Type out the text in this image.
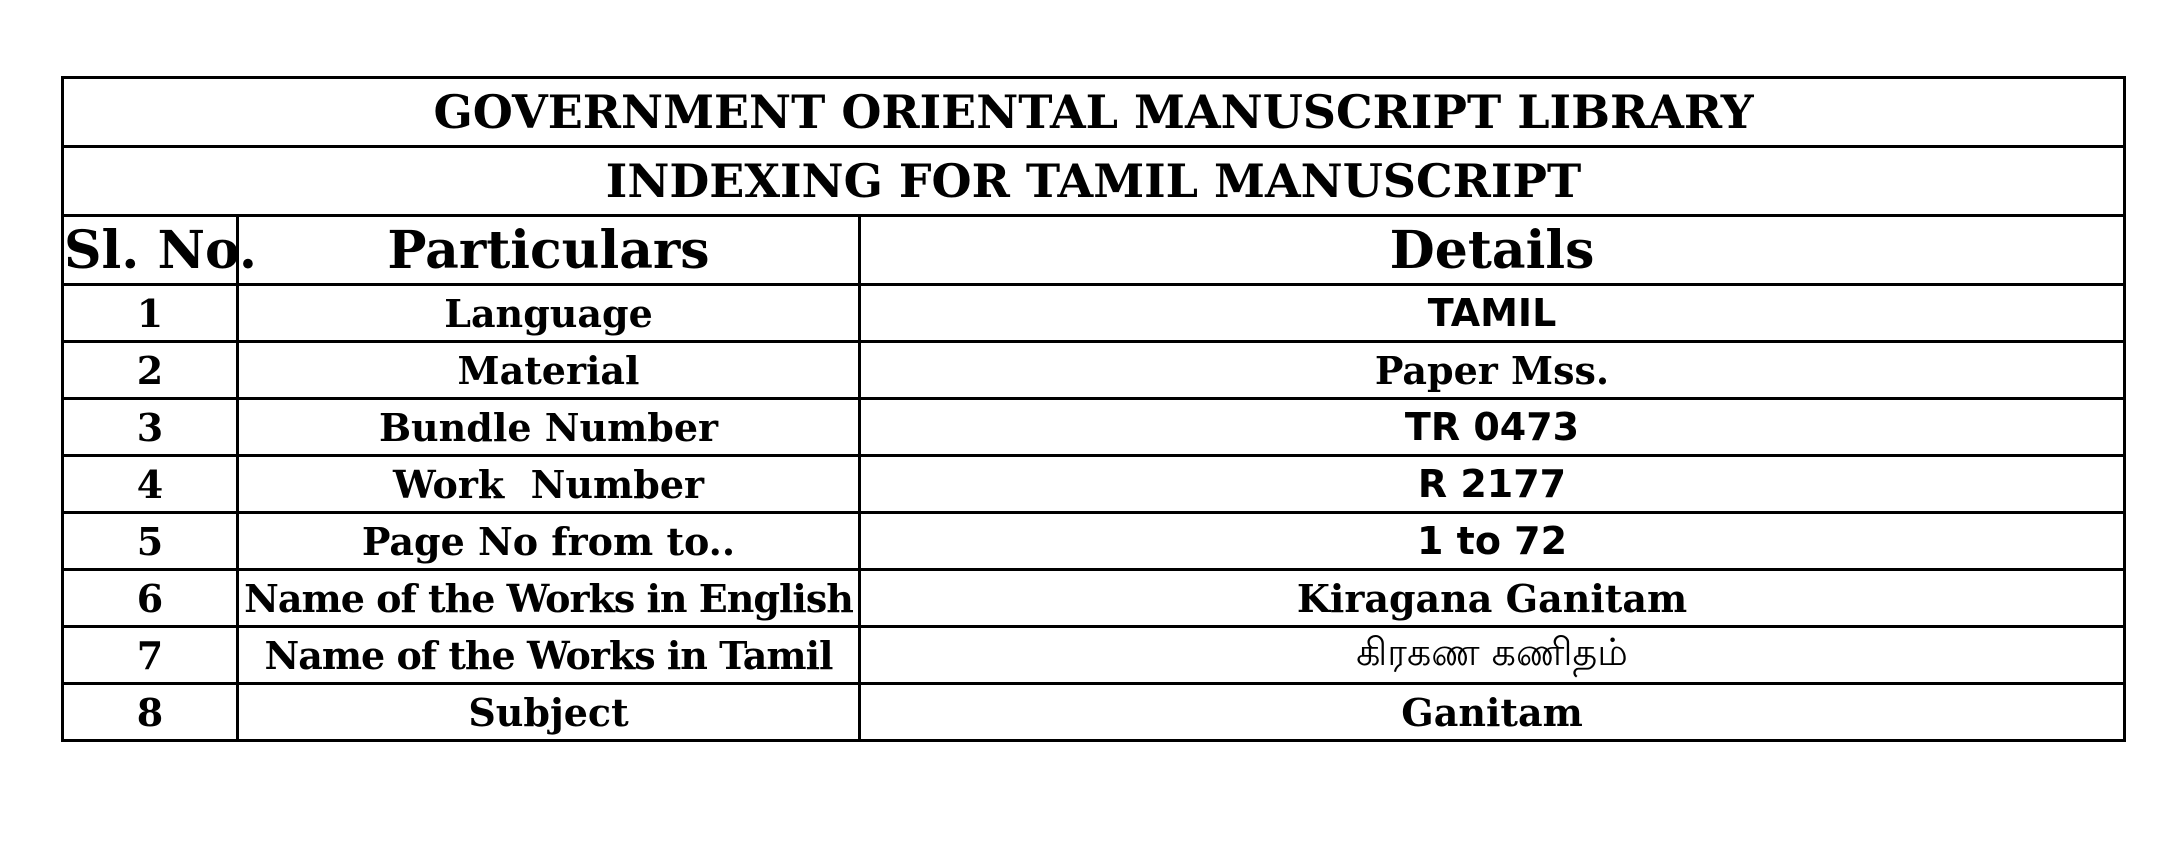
GOVERNMENT ORIENTAL MANUSCRIPT LIBRARY		
INDEXING FOR TAMIL MANUSCRIPT		
Sl. No.	Particulars	Details
1	Language	TAMIL
2	Material	Paper Mss.
3	Bundle Number	TR 0473
4	Work  Number	R 2177
5	Page No from to..	1 to 72
6	Name of the Works in English	Kiragana Ganitam
7	Name of the Works in Tamil	கிரகண கணிதம்
8	Subject	Ganitam
